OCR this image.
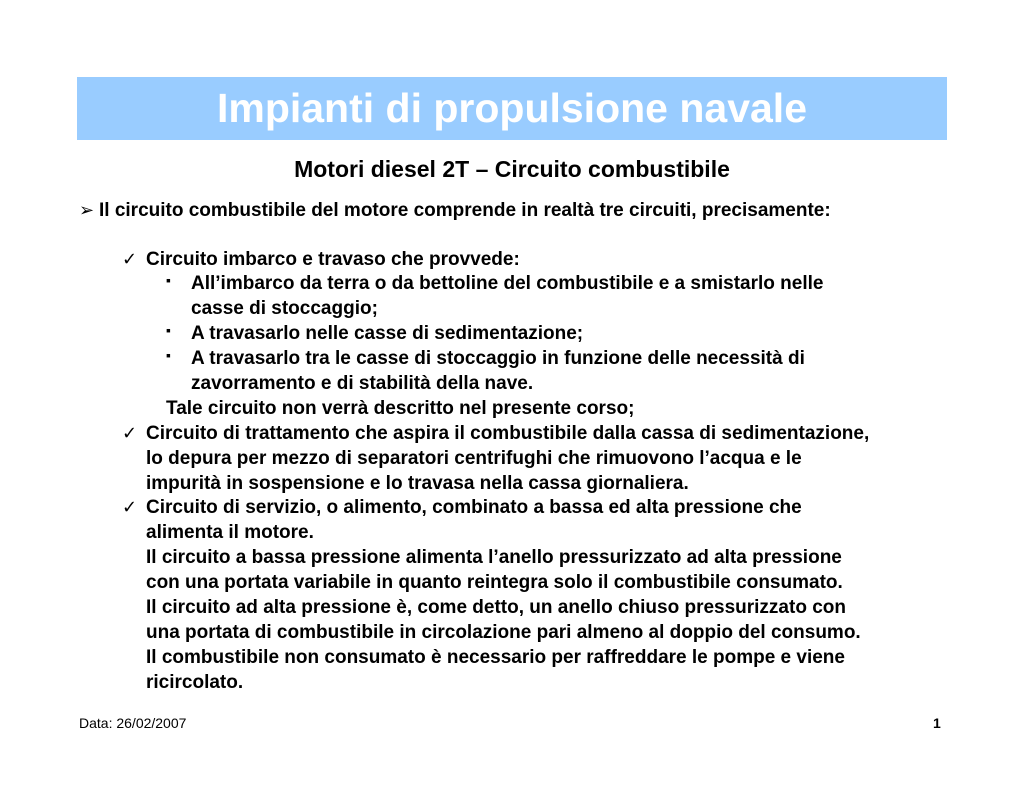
Impianti di propulsione navale
Motori diesel 2T – Circuito combustibile
➢ Il circuito combustibile del motore comprende in realtà tre circuiti, precisamente:
✓ Circuito imbarco e travaso che provvede:
▪ All’imbarco da terra o da bettoline del combustibile e a smistarlo nelle
casse di stoccaggio;
▪ A travasarlo nelle casse di sedimentazione;
▪ A travasarlo tra le casse di stoccaggio in funzione delle necessità di
zavorramento e di stabilità della nave.
Tale circuito non verrà descritto nel presente corso;
✓ Circuito di trattamento che aspira il combustibile dalla cassa di sedimentazione,
lo depura per mezzo di separatori centrifughi che rimuovono l’acqua e le
impurità in sospensione e lo travasa nella cassa giornaliera.
✓ Circuito di servizio, o alimento, combinato a bassa ed alta pressione che
alimenta il motore.
Il circuito a bassa pressione alimenta l’anello pressurizzato ad alta pressione
con una portata variabile in quanto reintegra solo il combustibile consumato.
Il circuito ad alta pressione è, come detto, un anello chiuso pressurizzato con
una portata di combustibile in circolazione pari almeno al doppio del consumo.
Il combustibile non consumato è necessario per raffreddare le pompe e viene
ricircolato.
Data: 26/02/2007	1
